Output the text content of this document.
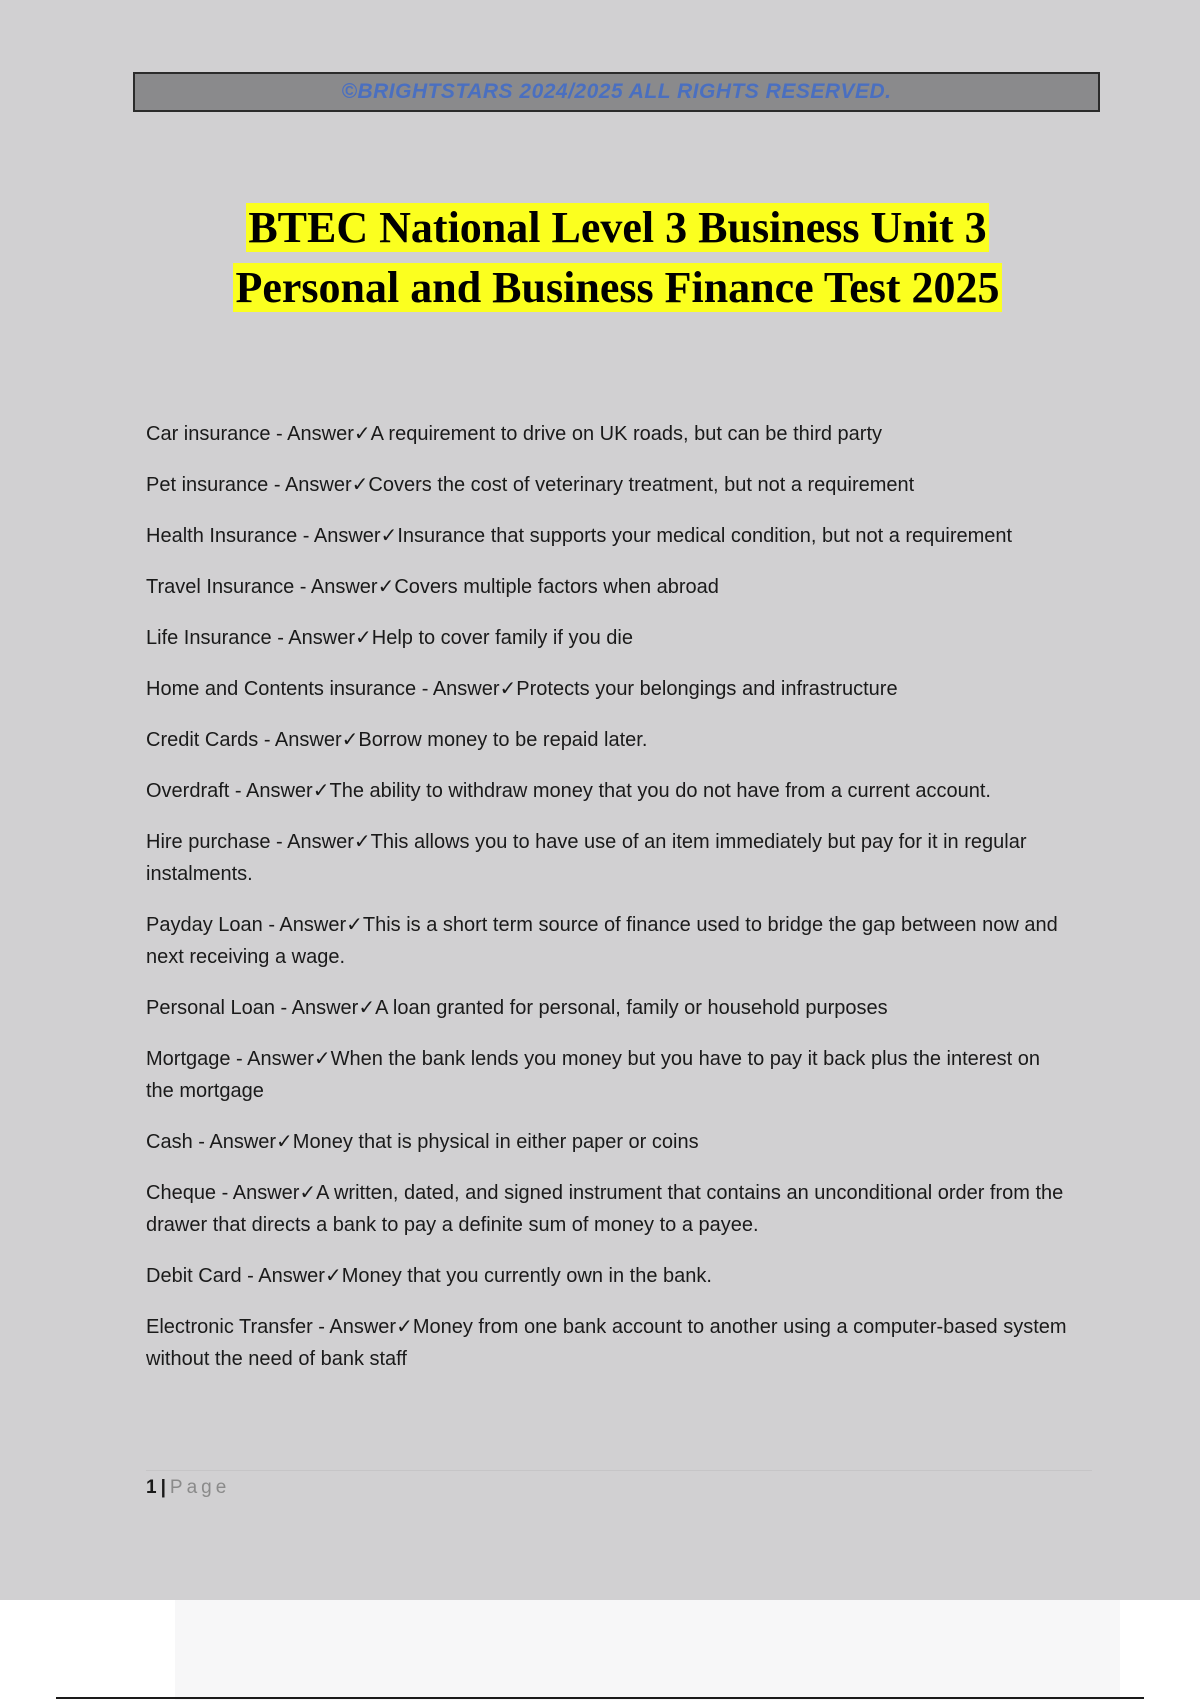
©BRIGHTSTARS 2024/2025 ALL RIGHTS RESERVED.
BTEC National Level 3 Business Unit 3
Personal and Business Finance Test 2025
Car insurance - Answer✓A requirement to drive on UK roads, but can be third party
Pet insurance - Answer✓Covers the cost of veterinary treatment, but not a requirement
Health Insurance - Answer✓Insurance that supports your medical condition, but not a requirement
Travel Insurance - Answer✓Covers multiple factors when abroad
Life Insurance - Answer✓Help to cover family if you die
Home and Contents insurance - Answer✓Protects your belongings and infrastructure
Credit Cards - Answer✓Borrow money to be repaid later.
Overdraft - Answer✓The ability to withdraw money that you do not have from a current account.
Hire purchase - Answer✓This allows you to have use of an item immediately but pay for it in regular instalments.
Payday Loan - Answer✓This is a short term source of finance used to bridge the gap between now and next receiving a wage.
Personal Loan - Answer✓A loan granted for personal, family or household purposes
Mortgage - Answer✓When the bank lends you money but you have to pay it back plus the interest on the mortgage
Cash - Answer✓Money that is physical in either paper or coins
Cheque - Answer✓A written, dated, and signed instrument that contains an unconditional order from the drawer that directs a bank to pay a definite sum of money to a payee.
Debit Card - Answer✓Money that you currently own in the bank.
Electronic Transfer - Answer✓Money from one bank account to another using a computer-based system without the need of bank staff
1 | Page
